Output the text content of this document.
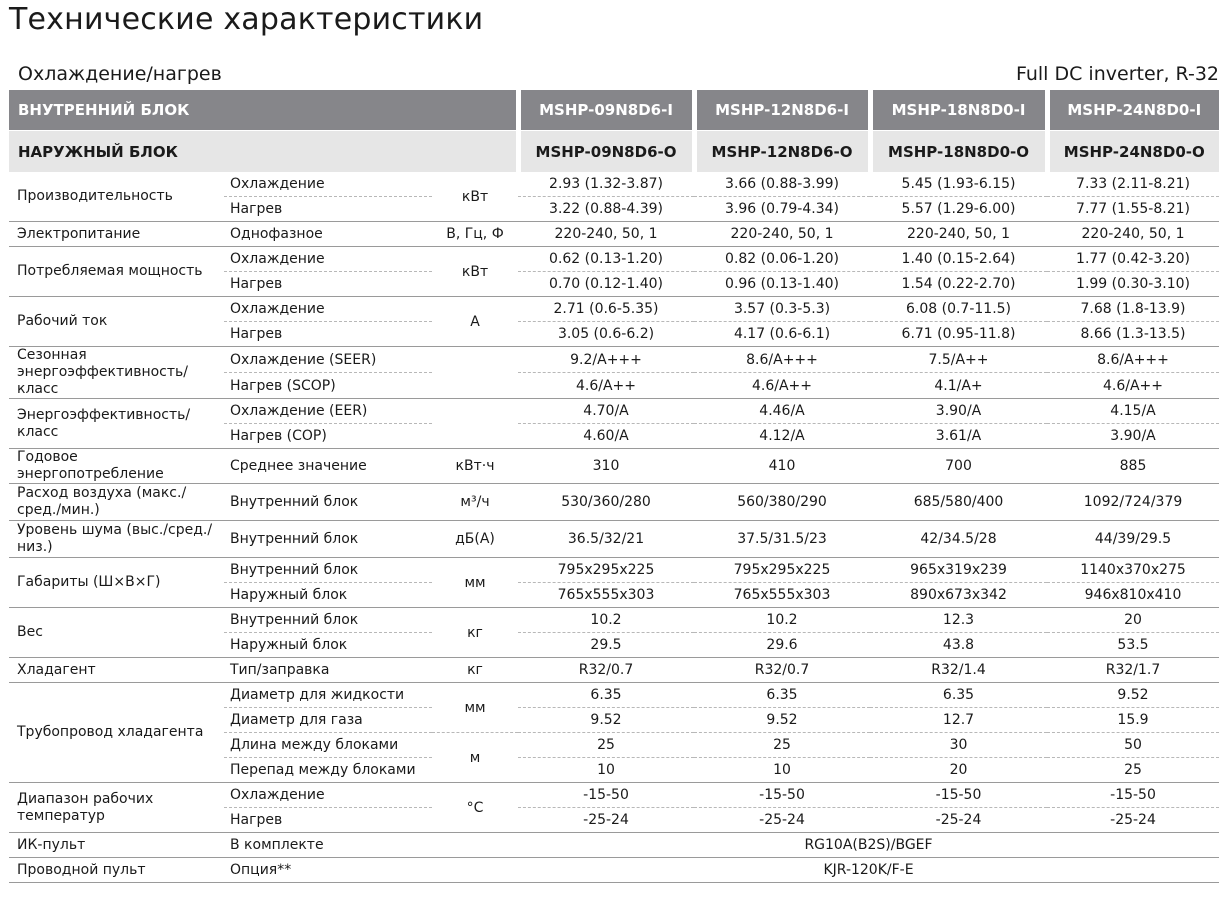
Технические характеристики
Охлаждение/нагрев	Full DC inverter, R-32
ВНУТРЕННИЙ БЛОК			MSHP-09N8D6-I	MSHP-12N8D6-I	MSHP-18N8D0-I	MSHP-24N8D0-I
НАРУЖНЫЙ БЛОК			MSHP-09N8D6-O	MSHP-12N8D6-O	MSHP-18N8D0-O	MSHP-24N8D0-O
Производительность	Охлаждение	кВт	2.93 (1.32-3.87)	3.66 (0.88-3.99)	5.45 (1.93-6.15)	7.33 (2.11-8.21)
	Нагрев		3.22 (0.88-4.39)	3.96 (0.79-4.34)	5.57 (1.29-6.00)	7.77 (1.55-8.21)
Электропитание	Однофазное	В, Гц, Ф	220-240, 50, 1	220-240, 50, 1	220-240, 50, 1	220-240, 50, 1
Потребляемая мощность	Охлаждение	кВт	0.62 (0.13-1.20)	0.82 (0.06-1.20)	1.40 (0.15-2.64)	1.77 (0.42-3.20)
	Нагрев		0.70 (0.12-1.40)	0.96 (0.13-1.40)	1.54 (0.22-2.70)	1.99 (0.30-3.10)
Рабочий ток	Охлаждение	А	2.71 (0.6-5.35)	3.57 (0.3-5.3)	6.08 (0.7-11.5)	7.68 (1.8-13.9)
	Нагрев		3.05 (0.6-6.2)	4.17 (0.6-6.1)	6.71 (0.95-11.8)	8.66 (1.3-13.5)
Сезонная энергоэффективность/ класс	Охлаждение (SEER)		9.2/A+++	8.6/A+++	7.5/A++	8.6/A+++
	Нагрев (SCOP)		4.6/A++	4.6/A++	4.1/A+	4.6/A++
Энергоэффективность/ класс	Охлаждение (EER)		4.70/A	4.46/A	3.90/A	4.15/A
	Нагрев (COP)		4.60/A	4.12/A	3.61/A	3.90/A
Годовое энергопотребление	Среднее значение	кВт·ч	310	410	700	885
Расход воздуха (макс./сред./мин.)	Внутренний блок	м³/ч	530/360/280	560/380/290	685/580/400	1092/724/379
Уровень шума (выс./сред./низ.)	Внутренний блок	дБ(А)	36.5/32/21	37.5/31.5/23	42/34.5/28	44/39/29.5
Габариты (Ш×В×Г)	Внутренний блок	мм	795x295x225	795x295x225	965x319x239	1140x370x275
	Наружный блок		765x555x303	765x555x303	890x673x342	946x810x410
Вес	Внутренний блок	кг	10.2	10.2	12.3	20
	Наружный блок		29.5	29.6	43.8	53.5
Хладагент	Тип/заправка	кг	R32/0.7	R32/0.7	R32/1.4	R32/1.7
Трубопровод хладагента	Диаметр для жидкости	мм	6.35	6.35	6.35	9.52
	Диаметр для газа		9.52	9.52	12.7	15.9
	Длина между блоками	м	25	25	30	50
	Перепад между блоками		10	10	20	25
Диапазон рабочих температур	Охлаждение	°C	-15-50	-15-50	-15-50	-15-50
	Нагрев		-25-24	-25-24	-25-24	-25-24
ИК-пульт	В комплекте		RG10A(B2S)/BGEF			
Проводной пульт	Опция**		KJR-120K/F-E			
